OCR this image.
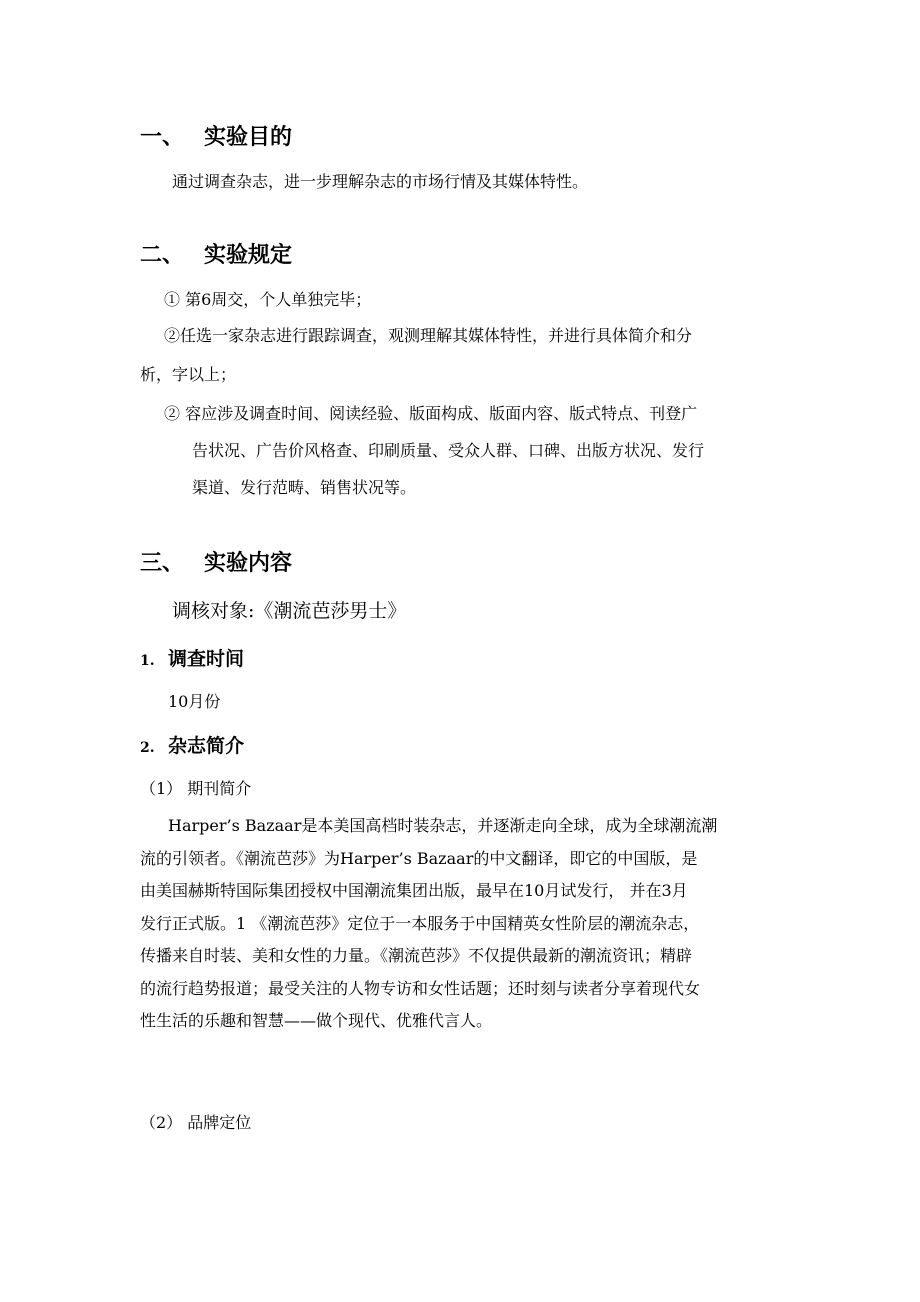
一、 实验目的
通过调查杂志，进一步理解杂志的市场行情及其媒体特性。
二、 实验规定
① 第6周交，个人单独完毕；
②任选一家杂志进行跟踪调查，观测理解其媒体特性，并进行具体简介和分
析，字以上；
② 容应涉及调查时间、阅读经验、版面构成、版面内容、版式特点、刊登广
告状况、广告价风格查、印刷质量、受众人群、口碑、出版方状况、发行
渠道、发行范畴、销售状况等。
三、 实验内容
调核对象:《潮流芭莎男士》
1. 调查时间
10月份
2. 杂志简介
（1） 期刊简介
Harper’s Bazaar是本美国高档时装杂志，并逐渐走向全球，成为全球潮流潮
流的引领者。《潮流芭莎》为Harper’s Bazaar的中文翻译，即它的中国版，是
由美国赫斯特国际集团授权中国潮流集团出版，最早在10月试发行， 并在3月
发行正式版。1 《潮流芭莎》定位于一本服务于中国精英女性阶层的潮流杂志，
传播来自时装、美和女性的力量。《潮流芭莎》不仅提供最新的潮流资讯；精辟
的流行趋势报道；最受关注的人物专访和女性话题；还时刻与读者分享着现代女
性生活的乐趣和智慧——做个现代、优雅代言人。
（2） 品牌定位
